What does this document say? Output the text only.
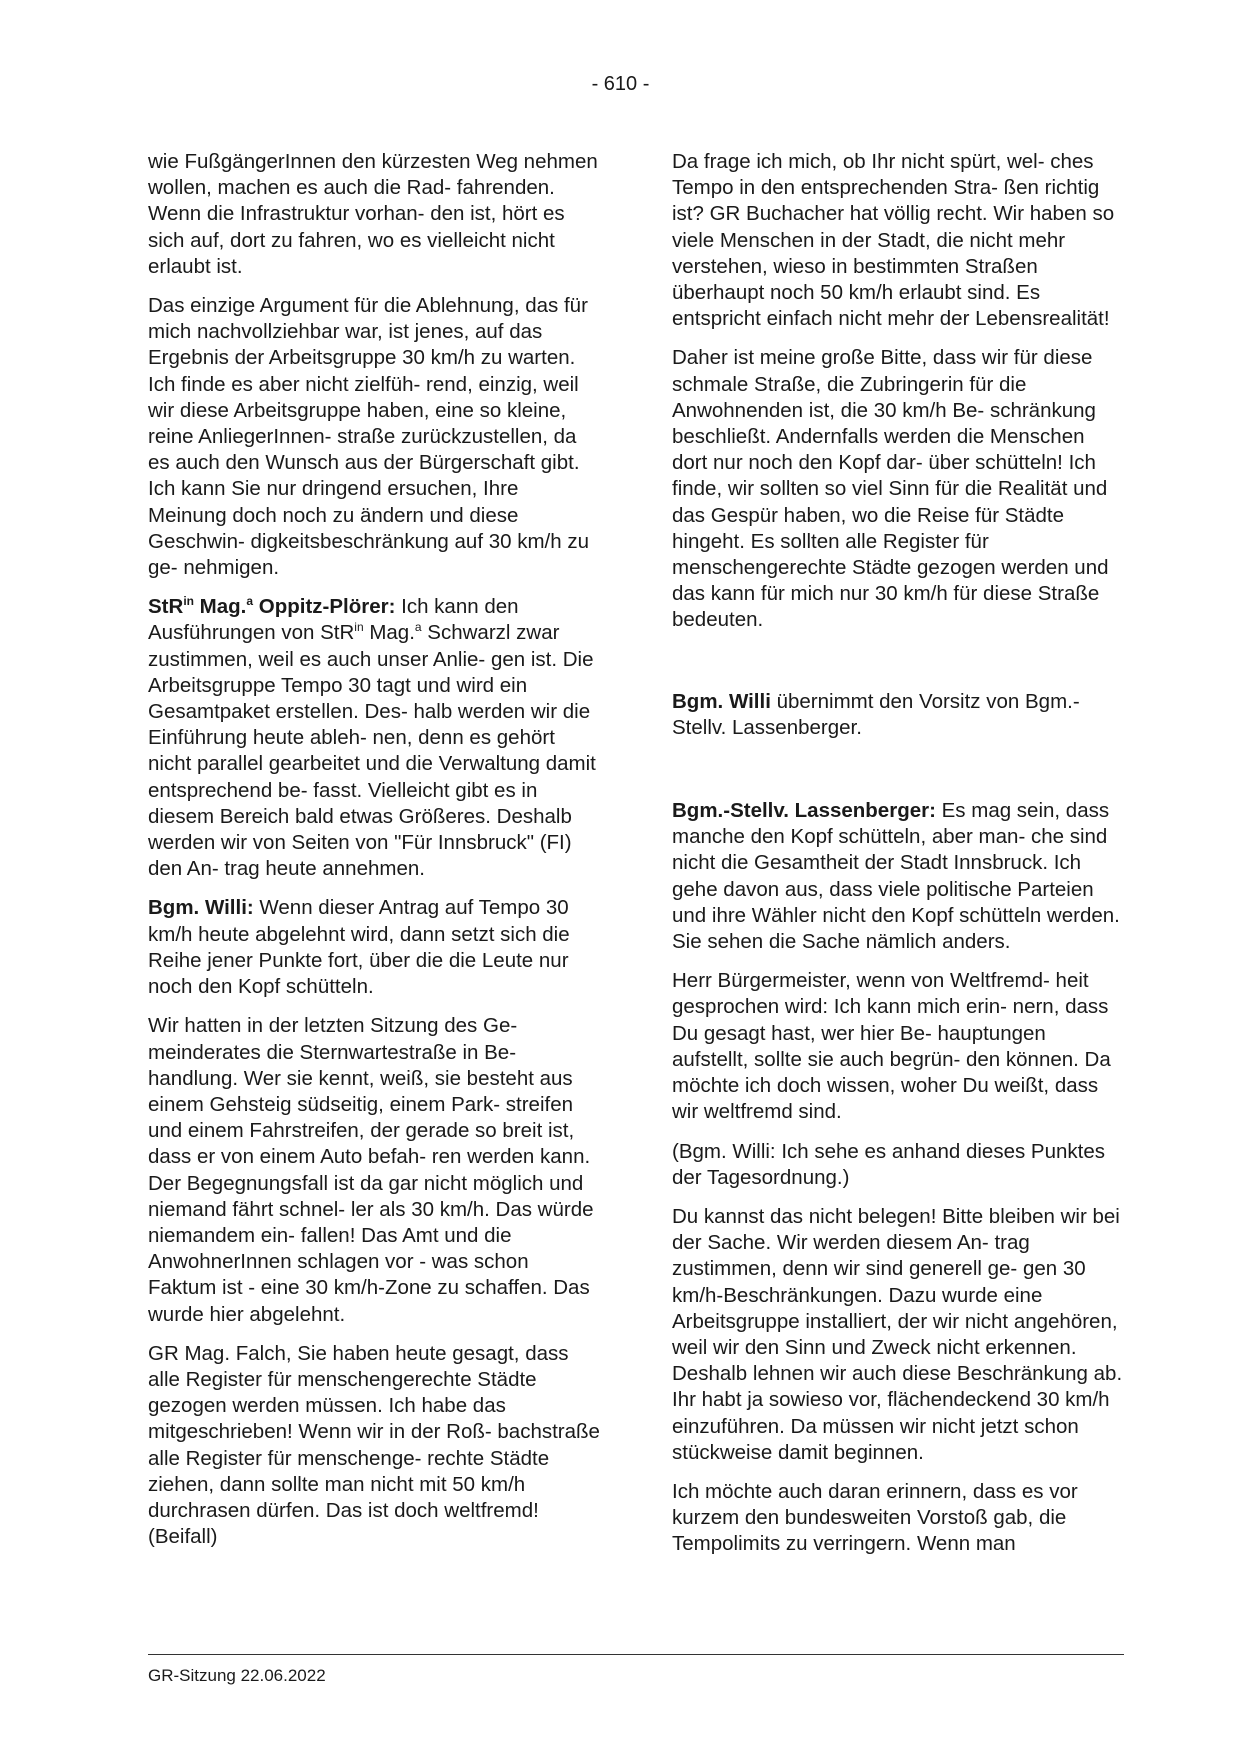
- 610 -

wie FußgängerInnen den kürzesten Weg nehmen wollen, machen es auch die Rad- fahrenden. Wenn die Infrastruktur vorhan- den ist, hört es sich auf, dort zu fahren, wo es vielleicht nicht erlaubt ist.

Das einzige Argument für die Ablehnung, das für mich nachvollziehbar war, ist jenes, auf das Ergebnis der Arbeitsgruppe 30 km/h zu warten. Ich finde es aber nicht zielfüh- rend, einzig, weil wir diese Arbeitsgruppe haben, eine so kleine, reine AnliegerInnen- straße zurückzustellen, da es auch den Wunsch aus der Bürgerschaft gibt. Ich kann Sie nur dringend ersuchen, Ihre Meinung doch noch zu ändern und diese Geschwin- digkeitsbeschränkung auf 30 km/h zu ge- nehmigen.

StR$^{in}$ Mag.$^a$ Oppitz-Plörer: Ich kann den Ausführungen von StR$^{in}$ Mag.$^a$ Schwarzl zwar zustimmen, weil es auch unser Anlie- gen ist. Die Arbeitsgruppe Tempo 30 tagt und wird ein Gesamtpaket erstellen. Des- halb werden wir die Einführung heute ableh- nen, denn es gehört nicht parallel gearbeitet und die Verwaltung damit entsprechend be- fasst. Vielleicht gibt es in diesem Bereich bald etwas Größeres. Deshalb werden wir von Seiten von "Für Innsbruck" (FI) den An- trag heute annehmen.

Bgm. Willi: Wenn dieser Antrag auf Tempo 30 km/h heute abgelehnt wird, dann setzt sich die Reihe jener Punkte fort, über die die Leute nur noch den Kopf schütteln.

Wir hatten in der letzten Sitzung des Ge- meinderates die Sternwartestraße in Be- handlung. Wer sie kennt, weiß, sie besteht aus einem Gehsteig südseitig, einem Park- streifen und einem Fahrstreifen, der gerade so breit ist, dass er von einem Auto befah- ren werden kann. Der Begegnungsfall ist da gar nicht möglich und niemand fährt schnel- ler als 30 km/h. Das würde niemandem ein- fallen! Das Amt und die AnwohnerInnen schlagen vor - was schon Faktum ist - eine 30 km/h-Zone zu schaffen. Das wurde hier abgelehnt.

GR Mag. Falch, Sie haben heute gesagt, dass alle Register für menschengerechte Städte gezogen werden müssen. Ich habe das mitgeschrieben! Wenn wir in der Roß- bachstraße alle Register für menschenge- rechte Städte ziehen, dann sollte man nicht mit 50 km/h durchrasen dürfen. Das ist doch weltfremd! (Beifall)

Da frage ich mich, ob Ihr nicht spürt, wel- ches Tempo in den entsprechenden Stra- ßen richtig ist? GR Buchacher hat völlig recht. Wir haben so viele Menschen in der Stadt, die nicht mehr verstehen, wieso in bestimmten Straßen überhaupt noch 50 km/h erlaubt sind. Es entspricht einfach nicht mehr der Lebensrealität!

Daher ist meine große Bitte, dass wir für diese schmale Straße, die Zubringerin für die Anwohnenden ist, die 30 km/h Be- schränkung beschließt. Andernfalls werden die Menschen dort nur noch den Kopf dar- über schütteln! Ich finde, wir sollten so viel Sinn für die Realität und das Gespür haben, wo die Reise für Städte hingeht. Es sollten alle Register für menschengerechte Städte gezogen werden und das kann für mich nur 30 km/h für diese Straße bedeuten.

Bgm. Willi übernimmt den Vorsitz von Bgm.-Stellv. Lassenberger.

Bgm.-Stellv. Lassenberger: Es mag sein, dass manche den Kopf schütteln, aber man- che sind nicht die Gesamtheit der Stadt Innsbruck. Ich gehe davon aus, dass viele politische Parteien und ihre Wähler nicht den Kopf schütteln werden. Sie sehen die Sache nämlich anders.

Herr Bürgermeister, wenn von Weltfremd- heit gesprochen wird: Ich kann mich erin- nern, dass Du gesagt hast, wer hier Be- hauptungen aufstellt, sollte sie auch begrün- den können. Da möchte ich doch wissen, woher Du weißt, dass wir weltfremd sind.

(Bgm. Willi: Ich sehe es anhand dieses Punktes der Tagesordnung.)

Du kannst das nicht belegen! Bitte bleiben wir bei der Sache. Wir werden diesem An- trag zustimmen, denn wir sind generell ge- gen 30 km/h-Beschränkungen. Dazu wurde eine Arbeitsgruppe installiert, der wir nicht angehören, weil wir den Sinn und Zweck nicht erkennen. Deshalb lehnen wir auch diese Beschränkung ab. Ihr habt ja sowieso vor, flächendeckend 30 km/h einzuführen. Da müssen wir nicht jetzt schon stückweise damit beginnen.

Ich möchte auch daran erinnern, dass es vor kurzem den bundesweiten Vorstoß gab, die Tempolimits zu verringern. Wenn man

GR-Sitzung 22.06.2022
